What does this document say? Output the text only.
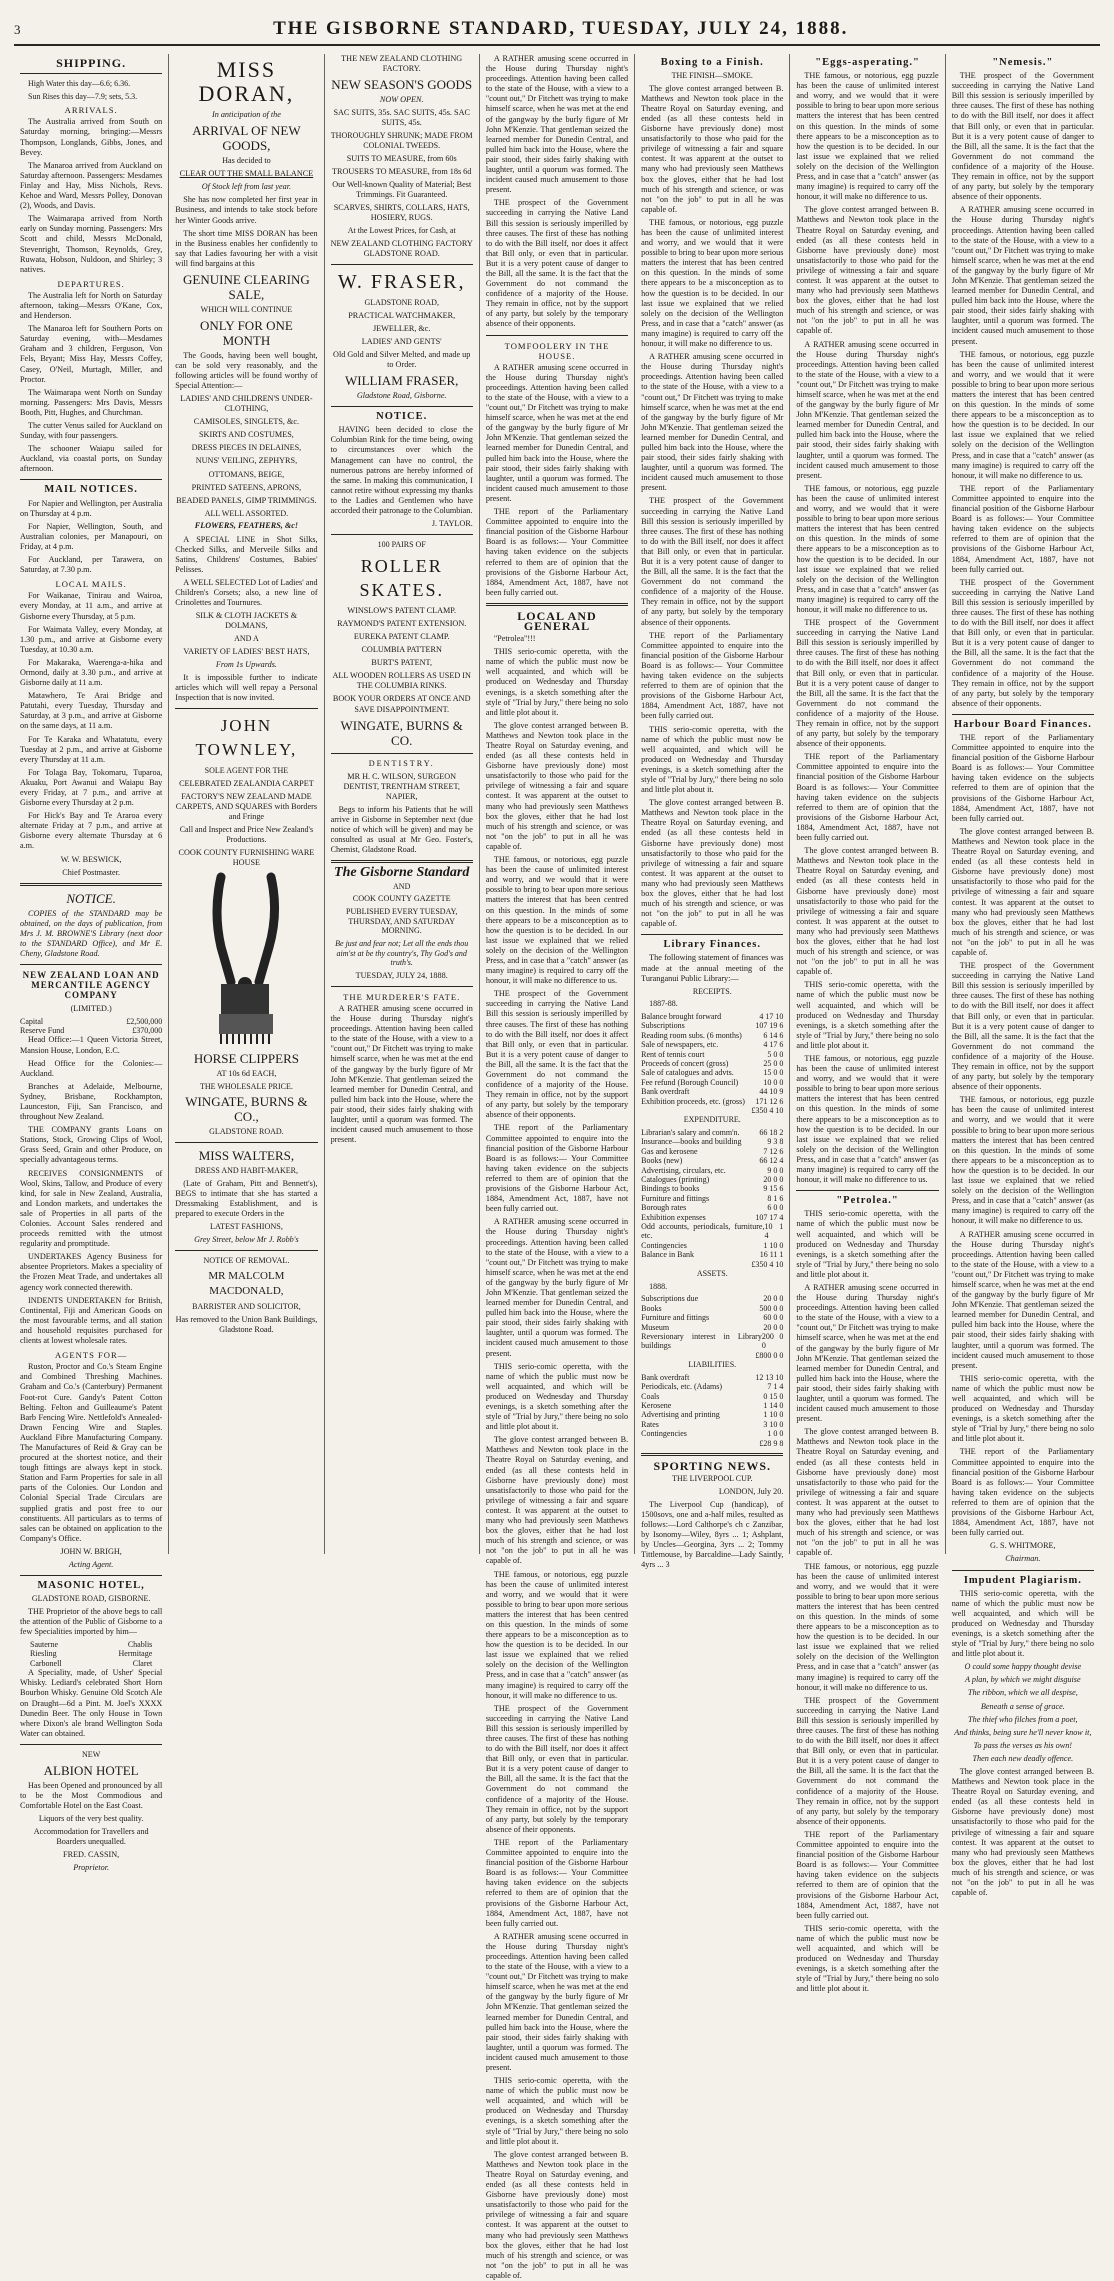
3	THE GISBORNE STANDARD, TUESDAY, JULY 24, 1888.
SHIPPING.

High Water this day—6.6; 6.36.

Sun Rises this day—7.9; sets, 5.3.

ARRIVALS.

The Australia arrived from South on Saturday morning, bringing:—Messrs Thompson, Longlands, Gibbs, Jones, and Bevey.

The Manaroa arrived from Auckland on Saturday afternoon. Passengers: Mesdames Finlay and Hay, Miss Nichols, Revs. Kehoe and Ward, Messrs Polley, Donovan (2), Woods, and Davis.

The Waimarapa arrived from North early on Sunday morning. Passengers: Mrs Scott and child, Messrs McDonald, Stevenright, Thomson, Reynolds, Grey, Ruwata, Hobson, Nuldoon, and Shirley; 3 natives.

DEPARTURES.

The Australia left for North on Saturday afternoon, taking—Messrs O'Kane, Cox, and Henderson.

The Manaroa left for Southern Ports on Saturday evening, with—Mesdames Graham and 3 children, Ferguson, Von Fels, Bryant; Miss Hay, Messrs Coffey, Casey, O'Neil, Murtagh, Miller, and Proctor.

The Waimarapa went North on Sunday morning. Passengers: Mrs Davis, Messrs Booth, Pitt, Hughes, and Churchman.

The cutter Venus sailed for Auckland on Sunday, with four passengers.

The schooner Waiapu sailed for Auckland, via coastal ports, on Sunday afternoon.

MAIL NOTICES.

For Napier and Wellington, per Australia on Thursday at 4 p.m.

For Napier, Wellington, South, and Australian colonies, per Manapouri, on Friday, at 4 p.m.

For Auckland, per Tarawera, on Saturday, at 7.30 p.m.

LOCAL MAILS.

For Waikanae, Tinirau and Wairoa, every Monday, at 11 a.m., and arrive at Gisborne every Thursday, at 5 p.m.

For Waimata Valley, every Monday, at 1.30 p.m., and arrive at Gisborne every Tuesday, at 10.30 a.m.

For Makaraka, Waerenga-a-hika and Ormond, daily at 3.30 p.m., and arrive at Gisborne daily at 11 a.m.

Matawhero, Te Arai Bridge and Patutahi, every Tuesday, Thursday and Saturday, at 3 p.m., and arrive at Gisborne on the same days, at 11 a.m.

For Te Karaka and Whatatutu, every Tuesday at 2 p.m., and arrive at Gisborne every Thursday at 11 a.m.

For Tolaga Bay, Tokomaru, Tuparoa, Akuaku, Port Awanui and Waiapu Bay every Friday, at 7 p.m., and arrive at Gisborne every Thursday at 2 p.m.

For Hick's Bay and Te Araroa every alternate Friday at 7 p.m., and arrive at Gisborne every alternate Thursday at 6 a.m.

W. W. BESWICK,

Chief Postmaster.

NOTICE.

COPIES of the STANDARD may be obtained, on the days of publication, from Mrs J. M. BROWNE'S Library (next door to the STANDARD Office), and Mr E. Cheny, Gladstone Road.

NEW ZEALAND LOAN AND MERCANTILE AGENCY COMPANY

(LIMITED.)

Capital	£2,500,000
Reserve Fund	£370,000

Head Office:—1 Queen Victoria Street, Mansion House, London, E.C.

Head Office for the Colonies:—Auckland.

Branches at Adelaide, Melbourne, Sydney, Brisbane, Rockhampton, Launceston, Fiji, San Francisco, and throughout New Zealand.

THE COMPANY grants Loans on Stations, Stock, Growing Clips of Wool, Grass Seed, Grain and other Produce, on specially advantageous terms.

RECEIVES CONSIGNMENTS of Wool, Skins, Tallow, and Produce of every kind, for sale in New Zealand, Australia, and London markets, and undertakes the sale of Properties in all parts of the Colonies. Account Sales rendered and proceeds remitted with the utmost regularity and promptitude.

UNDERTAKES Agency Business for absentee Proprietors. Makes a speciality of the Frozen Meat Trade, and undertakes all agency work connected therewith.

INDENTS UNDERTAKEN for British, Continental, Fiji and American Goods on the most favourable terms, and all station and household requisites purchased for clients at lowest wholesale rates.

AGENTS FOR—

Ruston, Proctor and Co.'s Steam Engine and Combined Threshing Machines. Graham and Co.'s (Canterbury) Permanent Foot-rot Cure. Gandy's Patent Cotton Belting. Felton and Guilleaume's Patent Barb Fencing Wire. Nettlefold's Annealed-Drawn Fencing Wire and Staples. Auckland Fibre Manufacturing Company. The Manufactures of Reid & Gray can be procured at the shortest notice, and their tough fittings are always kept in stock. Station and Farm Properties for sale in all parts of the Colonies. Our London and Colonial Special Trade Circulars are supplied gratis and post free to our constituents. All particulars as to terms of sales can be obtained on application to the Company's Office.

JOHN W. BRIGH,

Acting Agent.

MASONIC HOTEL,

GLADSTONE ROAD, GISBORNE.

THE Proprietor of the above begs to call the attention of the Public of Gisborne to a few Specialities imported by him—

Sauterne	Chablis
Riesling	Hermitage
Carbonell	Claret

A Speciality, made, of Usher' Special Whisky. Lediard's celebrated Short Horn Bourbon Whisky. Genuine Old Scotch Ale on Draught—6d a Pint. M. Joel's XXXX Dunedin Beer. The only House in Town where Dixon's ale brand Wellington Soda Water can obtained.

NEW

ALBION HOTEL

Has been Opened and pronounced by all to be the Most Commodious and Comfortable Hotel on the East Coast.

Liquors of the very best quality.

Accommodation for Travellers and Boarders unequalled.

FRED. CASSIN,

Proprietor.

MISS DORAN,

In anticipation of the

ARRIVAL OF NEW GOODS,

Has decided to

CLEAR OUT THE SMALL BALANCE

Of Stock left from last year.

She has now completed her first year in Business, and intends to take stock before her Winter Goods arrive.

The short time MISS DORAN has been in the Business enables her confidently to say that Ladies favouring her with a visit will find bargains at this

GENUINE CLEARING SALE,

WHICH WILL CONTINUE

ONLY FOR ONE MONTH

The Goods, having been well bought, can be sold very reasonably, and the following articles will be found worthy of Special Attention:—

LADIES' AND CHILDREN'S UNDER-CLOTHING,

CAMISOLES, SINGLETS, &c.

SKIRTS AND COSTUMES,

DRESS PIECES IN DELAINES,

NUNS' VEILING, ZEPHYRS,

OTTOMANS, BEIGE,

PRINTED SATEENS, APRONS,

BEADED PANELS, GIMP TRIMMINGS.

ALL WELL ASSORTED.

FLOWERS, FEATHERS, &c!

A SPECIAL LINE in Shot Silks, Checked Silks, and Merveile Silks and Satins, Childrens' Costumes, Babies' Pelisses.

A WELL SELECTED Lot of Ladies' and Children's Corsets; also, a new line of Crinolettes and Tournures.

SILK & CLOTH JACKETS & DOLMANS,

AND A

VARIETY OF LADIES' BEST HATS,

From 1s Upwards.

It is impossible further to indicate articles which will well repay a Personal Inspection that is now invited.

JOHN TOWNLEY,

SOLE AGENT FOR THE

CELEBRATED ZEALANDIA CARPET

FACTORY'S NEW ZEALAND MADE CARPETS, AND SQUARES with Borders and Fringe

Call and Inspect and Price New Zealand's Productions.

COOK COUNTY FURNISHING WARE HOUSE

HORSE CLIPPERS

AT 10s 6d EACH,

THE WHOLESALE PRICE.

WINGATE, BURNS & CO.,

GLADSTONE ROAD.

MISS WALTERS,

DRESS AND HABIT-MAKER,

(Late of Graham, Pitt and Bennett's), BEGS to intimate that she has started a Dressmaking Establishment, and is prepared to execute Orders in the

LATEST FASHIONS,

Grey Street, below Mr J. Robb's

NOTICE OF REMOVAL.

MR MALCOLM MACDONALD,

BARRISTER AND SOLICITOR,

Has removed to the Union Bank Buildings, Gladstone Road.

THE NEW ZEALAND CLOTHING FACTORY.

NEW SEASON'S GOODS

NOW OPEN.

SAC SUITS, 35s. SAC SUITS, 45s. SAC SUITS, 45s.

THOROUGHLY SHRUNK; MADE FROM COLONIAL TWEEDS.

SUITS TO MEASURE, from 60s

TROUSERS TO MEASURE, from 18s 6d

Our Well-known Quality of Material; Best Trimmings. Fit Guaranteed.

SCARVES, SHIRTS, COLLARS, HATS, HOSIERY, RUGS.

At the Lowest Prices, for Cash, at

NEW ZEALAND CLOTHING FACTORY GLADSTONE ROAD.

W. FRASER,

GLADSTONE ROAD,

PRACTICAL WATCHMAKER,

JEWELLER, &c.

LADIES' AND GENTS'

Old Gold and Silver Melted, and made up to Order.

WILLIAM FRASER,

Gladstone Road, Gisborne.

NOTICE.

HAVING been decided to close the Columbian Rink for the time being, owing to circumstances over which the Management can have no control, the numerous patrons are hereby informed of the same. In making this communication, I cannot retire without expressing my thanks to the Ladies and Gentlemen who have accorded their patronage to the Columbian.

J. TAYLOR.

100 PAIRS OF

ROLLER SKATES.

WINSLOW'S PATENT CLAMP.

RAYMOND'S PATENT EXTENSION.

EUREKA PATENT CLAMP.

COLUMBIA PATTERN

BURT'S PATENT,

ALL WOODEN ROLLERS AS USED IN THE COLUMBIA RINKS.

BOOK YOUR ORDERS AT ONCE AND SAVE DISAPPOINTMENT.

WINGATE, BURNS & CO.

DENTISTRY.

MR H. C. WILSON, SURGEON DENTIST, TRENTHAM STREET, NAPIER,

Begs to inform his Patients that he will arrive in Gisborne in September next (due notice of which will be given) and may be consulted as usual at Mr Geo. Foster's, Chemist, Gladstone Road.

The Gisborne Standard

AND

COOK COUNTY GAZETTE

PUBLISHED EVERY TUESDAY, THURSDAY, AND SATURDAY MORNING.

Be just and fear not; Let all the ends thou aim'st at be thy country's, Thy God's and truth's.

TUESDAY, JULY 24, 1888.

THE MURDERER'S FATE.

A RATHER amusing scene occurred in the House during Thursday night's proceedings. Attention having been called to the state of the House, with a view to a "count out," Dr Fitchett was trying to make himself scarce, when he was met at the end of the gangway by the burly figure of Mr John M'Kenzie. That gentleman seized the learned member for Dunedin Central, and pulled him back into the House, where the pair stood, their sides fairly shaking with laughter, until a quorum was formed. The incident caused much amusement to those present.

A RATHER amusing scene occurred in the House during Thursday night's proceedings. Attention having been called to the state of the House, with a view to a "count out," Dr Fitchett was trying to make himself scarce, when he was met at the end of the gangway by the burly figure of Mr John M'Kenzie. That gentleman seized the learned member for Dunedin Central, and pulled him back into the House, where the pair stood, their sides fairly shaking with laughter, until a quorum was formed. The incident caused much amusement to those present.

THE prospect of the Government succeeding in carrying the Native Land Bill this session is seriously imperilled by three causes. The first of these has nothing to do with the Bill itself, nor does it affect that Bill only, or even that in particular. But it is a very potent cause of danger to the Bill, all the same. It is the fact that the Government do not command the confidence of a majority of the House. They remain in office, not by the support of any party, but solely by the temporary absence of their opponents.

TOMFOOLERY IN THE HOUSE.

A RATHER amusing scene occurred in the House during Thursday night's proceedings. Attention having been called to the state of the House, with a view to a "count out," Dr Fitchett was trying to make himself scarce, when he was met at the end of the gangway by the burly figure of Mr John M'Kenzie. That gentleman seized the learned member for Dunedin Central, and pulled him back into the House, where the pair stood, their sides fairly shaking with laughter, until a quorum was formed. The incident caused much amusement to those present.

THE report of the Parliamentary Committee appointed to enquire into the financial position of the Gisborne Harbour Board is as follows:— Your Committee having taken evidence on the subjects referred to them are of opinion that the provisions of the Gisborne Harbour Act, 1884, Amendment Act, 1887, have not been fully carried out.

LOCAL AND GENERAL

"Petrolea"!!!

THIS serio-comic operetta, with the name of which the public must now be well acquainted, and which will be produced on Wednesday and Thursday evenings, is a sketch something after the style of "Trial by Jury," there being no solo and little plot about it.

The glove contest arranged between B. Matthews and Newton took place in the Theatre Royal on Saturday evening, and ended (as all these contests held in Gisborne have previously done) most unsatisfactorily to those who paid for the privilege of witnessing a fair and square contest. It was apparent at the outset to many who had previously seen Matthews box the gloves, either that he had lost much of his strength and science, or was not "on the job" to put in all he was capable of.

THE famous, or notorious, egg puzzle has been the cause of unlimited interest and worry, and we would that it were possible to bring to bear upon more serious matters the interest that has been centred on this question. In the minds of some there appears to be a misconception as to how the question is to be decided. In our last issue we explained that we relied solely on the decision of the Wellington Press, and in case that a "catch" answer (as many imagine) is required to carry off the honour, it will make no difference to us.

THE prospect of the Government succeeding in carrying the Native Land Bill this session is seriously imperilled by three causes. The first of these has nothing to do with the Bill itself, nor does it affect that Bill only, or even that in particular. But it is a very potent cause of danger to the Bill, all the same. It is the fact that the Government do not command the confidence of a majority of the House. They remain in office, not by the support of any party, but solely by the temporary absence of their opponents.

THE report of the Parliamentary Committee appointed to enquire into the financial position of the Gisborne Harbour Board is as follows:— Your Committee having taken evidence on the subjects referred to them are of opinion that the provisions of the Gisborne Harbour Act, 1884, Amendment Act, 1887, have not been fully carried out.

A RATHER amusing scene occurred in the House during Thursday night's proceedings. Attention having been called to the state of the House, with a view to a "count out," Dr Fitchett was trying to make himself scarce, when he was met at the end of the gangway by the burly figure of Mr John M'Kenzie. That gentleman seized the learned member for Dunedin Central, and pulled him back into the House, where the pair stood, their sides fairly shaking with laughter, until a quorum was formed. The incident caused much amusement to those present.

THIS serio-comic operetta, with the name of which the public must now be well acquainted, and which will be produced on Wednesday and Thursday evenings, is a sketch something after the style of "Trial by Jury," there being no solo and little plot about it.

The glove contest arranged between B. Matthews and Newton took place in the Theatre Royal on Saturday evening, and ended (as all these contests held in Gisborne have previously done) most unsatisfactorily to those who paid for the privilege of witnessing a fair and square contest. It was apparent at the outset to many who had previously seen Matthews box the gloves, either that he had lost much of his strength and science, or was not "on the job" to put in all he was capable of.

THE famous, or notorious, egg puzzle has been the cause of unlimited interest and worry, and we would that it were possible to bring to bear upon more serious matters the interest that has been centred on this question. In the minds of some there appears to be a misconception as to how the question is to be decided. In our last issue we explained that we relied solely on the decision of the Wellington Press, and in case that a "catch" answer (as many imagine) is required to carry off the honour, it will make no difference to us.

THE prospect of the Government succeeding in carrying the Native Land Bill this session is seriously imperilled by three causes. The first of these has nothing to do with the Bill itself, nor does it affect that Bill only, or even that in particular. But it is a very potent cause of danger to the Bill, all the same. It is the fact that the Government do not command the confidence of a majority of the House. They remain in office, not by the support of any party, but solely by the temporary absence of their opponents.

THE report of the Parliamentary Committee appointed to enquire into the financial position of the Gisborne Harbour Board is as follows:— Your Committee having taken evidence on the subjects referred to them are of opinion that the provisions of the Gisborne Harbour Act, 1884, Amendment Act, 1887, have not been fully carried out.

A RATHER amusing scene occurred in the House during Thursday night's proceedings. Attention having been called to the state of the House, with a view to a "count out," Dr Fitchett was trying to make himself scarce, when he was met at the end of the gangway by the burly figure of Mr John M'Kenzie. That gentleman seized the learned member for Dunedin Central, and pulled him back into the House, where the pair stood, their sides fairly shaking with laughter, until a quorum was formed. The incident caused much amusement to those present.

THIS serio-comic operetta, with the name of which the public must now be well acquainted, and which will be produced on Wednesday and Thursday evenings, is a sketch something after the style of "Trial by Jury," there being no solo and little plot about it.

The glove contest arranged between B. Matthews and Newton took place in the Theatre Royal on Saturday evening, and ended (as all these contests held in Gisborne have previously done) most unsatisfactorily to those who paid for the privilege of witnessing a fair and square contest. It was apparent at the outset to many who had previously seen Matthews box the gloves, either that he had lost much of his strength and science, or was not "on the job" to put in all he was capable of.

Boxing to a Finish.

THE FINISH—SMOKE.

The glove contest arranged between B. Matthews and Newton took place in the Theatre Royal on Saturday evening, and ended (as all these contests held in Gisborne have previously done) most unsatisfactorily to those who paid for the privilege of witnessing a fair and square contest. It was apparent at the outset to many who had previously seen Matthews box the gloves, either that he had lost much of his strength and science, or was not "on the job" to put in all he was capable of.

THE famous, or notorious, egg puzzle has been the cause of unlimited interest and worry, and we would that it were possible to bring to bear upon more serious matters the interest that has been centred on this question. In the minds of some there appears to be a misconception as to how the question is to be decided. In our last issue we explained that we relied solely on the decision of the Wellington Press, and in case that a "catch" answer (as many imagine) is required to carry off the honour, it will make no difference to us.

A RATHER amusing scene occurred in the House during Thursday night's proceedings. Attention having been called to the state of the House, with a view to a "count out," Dr Fitchett was trying to make himself scarce, when he was met at the end of the gangway by the burly figure of Mr John M'Kenzie. That gentleman seized the learned member for Dunedin Central, and pulled him back into the House, where the pair stood, their sides fairly shaking with laughter, until a quorum was formed. The incident caused much amusement to those present.

THE prospect of the Government succeeding in carrying the Native Land Bill this session is seriously imperilled by three causes. The first of these has nothing to do with the Bill itself, nor does it affect that Bill only, or even that in particular. But it is a very potent cause of danger to the Bill, all the same. It is the fact that the Government do not command the confidence of a majority of the House. They remain in office, not by the support of any party, but solely by the temporary absence of their opponents.

THE report of the Parliamentary Committee appointed to enquire into the financial position of the Gisborne Harbour Board is as follows:— Your Committee having taken evidence on the subjects referred to them are of opinion that the provisions of the Gisborne Harbour Act, 1884, Amendment Act, 1887, have not been fully carried out.

THIS serio-comic operetta, with the name of which the public must now be well acquainted, and which will be produced on Wednesday and Thursday evenings, is a sketch something after the style of "Trial by Jury," there being no solo and little plot about it.

The glove contest arranged between B. Matthews and Newton took place in the Theatre Royal on Saturday evening, and ended (as all these contests held in Gisborne have previously done) most unsatisfactorily to those who paid for the privilege of witnessing a fair and square contest. It was apparent at the outset to many who had previously seen Matthews box the gloves, either that he had lost much of his strength and science, or was not "on the job" to put in all he was capable of.

Library Finances.

The following statement of finances was made at the annual meeting of the Turanganui Public Library:—

RECEIPTS.

1887-88.

Balance brought forward	4 17 10
Subscriptions	107 19 6
Reading room subs. (6 months)	6 14 6
Sale of newspapers, etc.	4 17 6
Rent of tennis court	5 0 0
Proceeds of concert (gross)	25 0 0
Sale of catalogues and advts.	15 0 0
Fee refund (Borough Council)	10 0 0
Bank overdraft	44 10 9
Exhibition proceeds, etc. (gross) 171 12 6
£350 4 10

EXPENDITURE.

Librarian's salary and comm'n. 66 18 2
Insurance—books and building	9 3 8
Gas and kerosene	7 12 6
Books (new)	66 12 4
Advertising, circulars, etc.	9 0 0
Catalogues (printing)	20 0 0
Bindings to books	9 15 6
Furniture and fittings	8 1 6
Borough rates	6 0 0
Exhibition expenses	107 17 4
Odd accounts, periodicals, furniture, etc.
10 1 4
Contingencies	1 10 0
Balance in Bank	16 11 1
£350 4 10

ASSETS.

1888.

Subscriptions due	20 0 0
Books	500 0 0
Furniture and fittings	60 0 0
Museum	20 0 0
Reversionary interest in Library buildings
200 0 0
£800 0 0

LIABILITIES.

Bank overdraft	12 13 10
Periodicals, etc. (Adams)	7 1 4
Coals	0 15 0
Kerosene	1 14 0
Advertising and printing	1 10 0
Rates	3 10 0
Contingencies	1 0 0
£28 9 8
SPORTING NEWS.

THE LIVERPOOL CUP.

LONDON, July 20.

The Liverpool Cup (handicap), of 1500sovs, one and a-half miles, resulted as follows:—Lord Calthorpe's ch c Zanzibar, by Isonomy—Wiley, 8yrs ... 1; Ashplant, by Uncles—Georgina, 3yrs ... 2; Tommy Tittlemouse, by Barcaldine—Lady Saintly, 4yrs ... 3

"Eggs-asperating."

THE famous, or notorious, egg puzzle has been the cause of unlimited interest and worry, and we would that it were possible to bring to bear upon more serious matters the interest that has been centred on this question. In the minds of some there appears to be a misconception as to how the question is to be decided. In our last issue we explained that we relied solely on the decision of the Wellington Press, and in case that a "catch" answer (as many imagine) is required to carry off the honour, it will make no difference to us.

The glove contest arranged between B. Matthews and Newton took place in the Theatre Royal on Saturday evening, and ended (as all these contests held in Gisborne have previously done) most unsatisfactorily to those who paid for the privilege of witnessing a fair and square contest. It was apparent at the outset to many who had previously seen Matthews box the gloves, either that he had lost much of his strength and science, or was not "on the job" to put in all he was capable of.

A RATHER amusing scene occurred in the House during Thursday night's proceedings. Attention having been called to the state of the House, with a view to a "count out," Dr Fitchett was trying to make himself scarce, when he was met at the end of the gangway by the burly figure of Mr John M'Kenzie. That gentleman seized the learned member for Dunedin Central, and pulled him back into the House, where the pair stood, their sides fairly shaking with laughter, until a quorum was formed. The incident caused much amusement to those present.

THE famous, or notorious, egg puzzle has been the cause of unlimited interest and worry, and we would that it were possible to bring to bear upon more serious matters the interest that has been centred on this question. In the minds of some there appears to be a misconception as to how the question is to be decided. In our last issue we explained that we relied solely on the decision of the Wellington Press, and in case that a "catch" answer (as many imagine) is required to carry off the honour, it will make no difference to us.

THE prospect of the Government succeeding in carrying the Native Land Bill this session is seriously imperilled by three causes. The first of these has nothing to do with the Bill itself, nor does it affect that Bill only, or even that in particular. But it is a very potent cause of danger to the Bill, all the same. It is the fact that the Government do not command the confidence of a majority of the House. They remain in office, not by the support of any party, but solely by the temporary absence of their opponents.

THE report of the Parliamentary Committee appointed to enquire into the financial position of the Gisborne Harbour Board is as follows:— Your Committee having taken evidence on the subjects referred to them are of opinion that the provisions of the Gisborne Harbour Act, 1884, Amendment Act, 1887, have not been fully carried out.

The glove contest arranged between B. Matthews and Newton took place in the Theatre Royal on Saturday evening, and ended (as all these contests held in Gisborne have previously done) most unsatisfactorily to those who paid for the privilege of witnessing a fair and square contest. It was apparent at the outset to many who had previously seen Matthews box the gloves, either that he had lost much of his strength and science, or was not "on the job" to put in all he was capable of.

THIS serio-comic operetta, with the name of which the public must now be well acquainted, and which will be produced on Wednesday and Thursday evenings, is a sketch something after the style of "Trial by Jury," there being no solo and little plot about it.

THE famous, or notorious, egg puzzle has been the cause of unlimited interest and worry, and we would that it were possible to bring to bear upon more serious matters the interest that has been centred on this question. In the minds of some there appears to be a misconception as to how the question is to be decided. In our last issue we explained that we relied solely on the decision of the Wellington Press, and in case that a "catch" answer (as many imagine) is required to carry off the honour, it will make no difference to us.

"Petrolea."

THIS serio-comic operetta, with the name of which the public must now be well acquainted, and which will be produced on Wednesday and Thursday evenings, is a sketch something after the style of "Trial by Jury," there being no solo and little plot about it.

A RATHER amusing scene occurred in the House during Thursday night's proceedings. Attention having been called to the state of the House, with a view to a "count out," Dr Fitchett was trying to make himself scarce, when he was met at the end of the gangway by the burly figure of Mr John M'Kenzie. That gentleman seized the learned member for Dunedin Central, and pulled him back into the House, where the pair stood, their sides fairly shaking with laughter, until a quorum was formed. The incident caused much amusement to those present.

The glove contest arranged between B. Matthews and Newton took place in the Theatre Royal on Saturday evening, and ended (as all these contests held in Gisborne have previously done) most unsatisfactorily to those who paid for the privilege of witnessing a fair and square contest. It was apparent at the outset to many who had previously seen Matthews box the gloves, either that he had lost much of his strength and science, or was not "on the job" to put in all he was capable of.

THE famous, or notorious, egg puzzle has been the cause of unlimited interest and worry, and we would that it were possible to bring to bear upon more serious matters the interest that has been centred on this question. In the minds of some there appears to be a misconception as to how the question is to be decided. In our last issue we explained that we relied solely on the decision of the Wellington Press, and in case that a "catch" answer (as many imagine) is required to carry off the honour, it will make no difference to us.

THE prospect of the Government succeeding in carrying the Native Land Bill this session is seriously imperilled by three causes. The first of these has nothing to do with the Bill itself, nor does it affect that Bill only, or even that in particular. But it is a very potent cause of danger to the Bill, all the same. It is the fact that the Government do not command the confidence of a majority of the House. They remain in office, not by the support of any party, but solely by the temporary absence of their opponents.

THE report of the Parliamentary Committee appointed to enquire into the financial position of the Gisborne Harbour Board is as follows:— Your Committee having taken evidence on the subjects referred to them are of opinion that the provisions of the Gisborne Harbour Act, 1884, Amendment Act, 1887, have not been fully carried out.

THIS serio-comic operetta, with the name of which the public must now be well acquainted, and which will be produced on Wednesday and Thursday evenings, is a sketch something after the style of "Trial by Jury," there being no solo and little plot about it.

"Nemesis."

THE prospect of the Government succeeding in carrying the Native Land Bill this session is seriously imperilled by three causes. The first of these has nothing to do with the Bill itself, nor does it affect that Bill only, or even that in particular. But it is a very potent cause of danger to the Bill, all the same. It is the fact that the Government do not command the confidence of a majority of the House. They remain in office, not by the support of any party, but solely by the temporary absence of their opponents.

A RATHER amusing scene occurred in the House during Thursday night's proceedings. Attention having been called to the state of the House, with a view to a "count out," Dr Fitchett was trying to make himself scarce, when he was met at the end of the gangway by the burly figure of Mr John M'Kenzie. That gentleman seized the learned member for Dunedin Central, and pulled him back into the House, where the pair stood, their sides fairly shaking with laughter, until a quorum was formed. The incident caused much amusement to those present.

THE famous, or notorious, egg puzzle has been the cause of unlimited interest and worry, and we would that it were possible to bring to bear upon more serious matters the interest that has been centred on this question. In the minds of some there appears to be a misconception as to how the question is to be decided. In our last issue we explained that we relied solely on the decision of the Wellington Press, and in case that a "catch" answer (as many imagine) is required to carry off the honour, it will make no difference to us.

THE report of the Parliamentary Committee appointed to enquire into the financial position of the Gisborne Harbour Board is as follows:— Your Committee having taken evidence on the subjects referred to them are of opinion that the provisions of the Gisborne Harbour Act, 1884, Amendment Act, 1887, have not been fully carried out.

THE prospect of the Government succeeding in carrying the Native Land Bill this session is seriously imperilled by three causes. The first of these has nothing to do with the Bill itself, nor does it affect that Bill only, or even that in particular. But it is a very potent cause of danger to the Bill, all the same. It is the fact that the Government do not command the confidence of a majority of the House. They remain in office, not by the support of any party, but solely by the temporary absence of their opponents.

Harbour Board Finances.

THE report of the Parliamentary Committee appointed to enquire into the financial position of the Gisborne Harbour Board is as follows:— Your Committee having taken evidence on the subjects referred to them are of opinion that the provisions of the Gisborne Harbour Act, 1884, Amendment Act, 1887, have not been fully carried out.

The glove contest arranged between B. Matthews and Newton took place in the Theatre Royal on Saturday evening, and ended (as all these contests held in Gisborne have previously done) most unsatisfactorily to those who paid for the privilege of witnessing a fair and square contest. It was apparent at the outset to many who had previously seen Matthews box the gloves, either that he had lost much of his strength and science, or was not "on the job" to put in all he was capable of.

THE prospect of the Government succeeding in carrying the Native Land Bill this session is seriously imperilled by three causes. The first of these has nothing to do with the Bill itself, nor does it affect that Bill only, or even that in particular. But it is a very potent cause of danger to the Bill, all the same. It is the fact that the Government do not command the confidence of a majority of the House. They remain in office, not by the support of any party, but solely by the temporary absence of their opponents.

THE famous, or notorious, egg puzzle has been the cause of unlimited interest and worry, and we would that it were possible to bring to bear upon more serious matters the interest that has been centred on this question. In the minds of some there appears to be a misconception as to how the question is to be decided. In our last issue we explained that we relied solely on the decision of the Wellington Press, and in case that a "catch" answer (as many imagine) is required to carry off the honour, it will make no difference to us.

A RATHER amusing scene occurred in the House during Thursday night's proceedings. Attention having been called to the state of the House, with a view to a "count out," Dr Fitchett was trying to make himself scarce, when he was met at the end of the gangway by the burly figure of Mr John M'Kenzie. That gentleman seized the learned member for Dunedin Central, and pulled him back into the House, where the pair stood, their sides fairly shaking with laughter, until a quorum was formed. The incident caused much amusement to those present.

THIS serio-comic operetta, with the name of which the public must now be well acquainted, and which will be produced on Wednesday and Thursday evenings, is a sketch something after the style of "Trial by Jury," there being no solo and little plot about it.

THE report of the Parliamentary Committee appointed to enquire into the financial position of the Gisborne Harbour Board is as follows:— Your Committee having taken evidence on the subjects referred to them are of opinion that the provisions of the Gisborne Harbour Act, 1884, Amendment Act, 1887, have not been fully carried out.

G. S. WHITMORE,

Chairman.

Impudent Plagiarism.

THIS serio-comic operetta, with the name of which the public must now be well acquainted, and which will be produced on Wednesday and Thursday evenings, is a sketch something after the style of "Trial by Jury," there being no solo and little plot about it.

O could some happy thought devise

A plan, by which we might disguise

The ribbon, which we all despise,

Beneath a sense of grace.

The thief who filches from a poet,

And thinks, being sure he'll never know it,

To pass the verses as his own!

Then each new deadly offence.

The glove contest arranged between B. Matthews and Newton took place in the Theatre Royal on Saturday evening, and ended (as all these contests held in Gisborne have previously done) most unsatisfactorily to those who paid for the privilege of witnessing a fair and square contest. It was apparent at the outset to many who had previously seen Matthews box the gloves, either that he had lost much of his strength and science, or was not "on the job" to put in all he was capable of.
